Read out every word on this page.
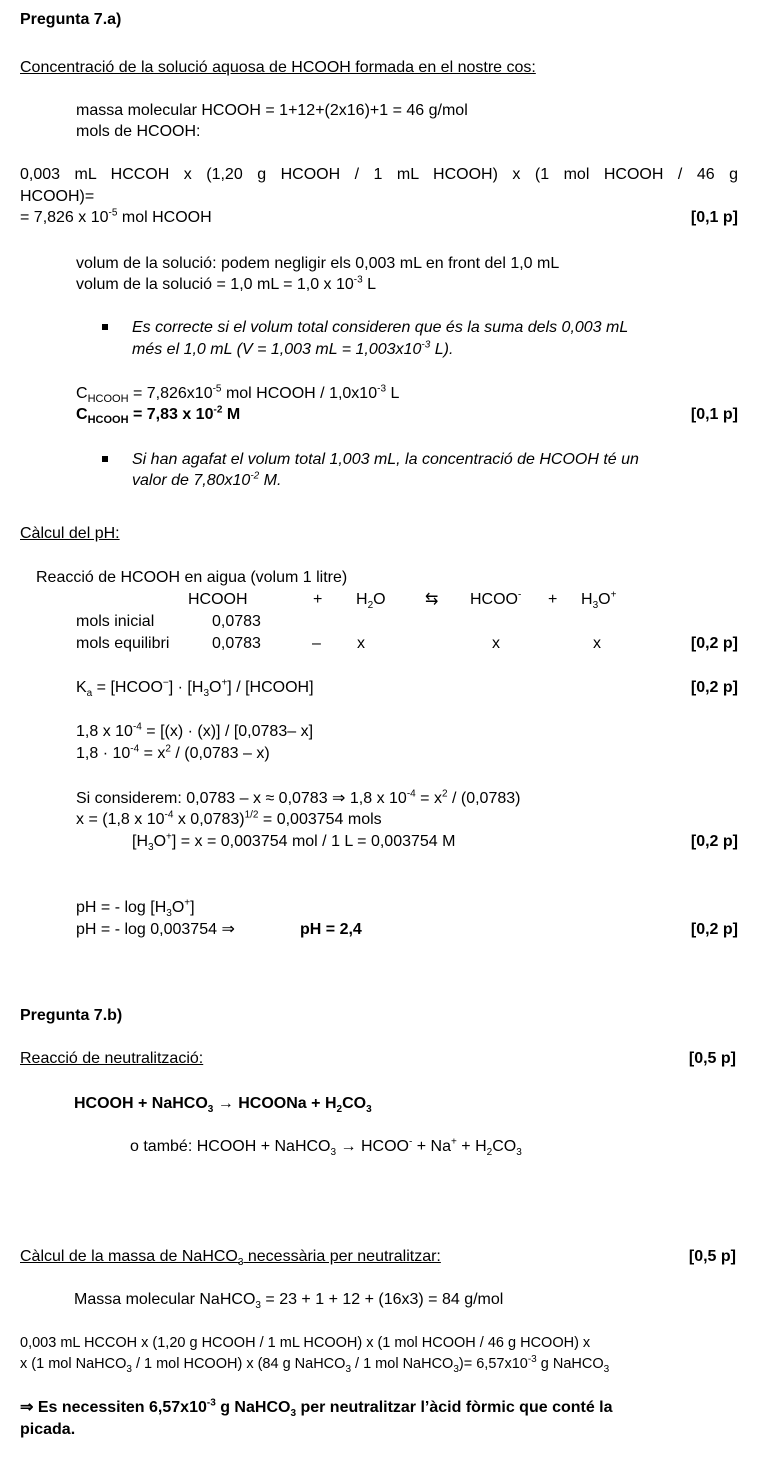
Pregunta 7.a)
Concentració de la solució aquosa de HCOOH formada en el nostre cos:
massa molecular HCOOH = 1+12+(2x16)+1 = 46 g/mol
mols de HCOOH:
0,003 mL HCCOH x (1,20 g HCOOH / 1 mL HCOOH) x (1 mol HCOOH / 46 g
HCOOH)=
= 7,826 x $10^{-5}$ mol HCOOH	[0,1 p]
volum de la solució: podem negligir els 0,003 mL en front del 1,0 mL
volum de la solució = 1,0 mL = 1,0 x $10^{-3}$ L
Es correcte si el volum total consideren que és la suma dels 0,003 mL
més el 1,0 mL (V = 1,003 mL = $1,003x10^{-3}$ L).
$C_{HCOOH} = 7,826x10^{-5}$ mol HCOOH / $1,0x10^{-3}$ L
$C_{HCOOH} = 7,83$ x $10^{-2}$ M	[0,1 p]
Si han agafat el volum total 1,003 mL, la concentració de HCOOH té un
valor de $7,80x10^{-2}$ M.
Càlcul del pH:
Reacció de HCOOH en aigua (volum 1 litre)
HCOOH	+ $H_2O$ ⇆ HCOO- + $H_3O^+$
mols inicial	0,0783
mols equilibri	0,0783	– x	x	x	[0,2 p]
$K_a$ = [HCOO−] · $[H_3O^+]$ / [HCOOH]	[0,2 p]
1,8 x $10^{-4} = [(x) \cdot (x)] / [0,0783-$ x]
$1,8 \cdot 10^{-4} = x^2 / (0,0783 - x)$
Si considerem: 0,0783 – x ≈ 0,0783 ⇒ 1,8 x $10^{-4} = x^2 / (0,0783)$
x = (1,8 x $10^{-4}$ x 0,0783)$^{1/2}$ = 0,003754 mols
$[H_3O^+] = x = 0,003754$ mol / 1 L = 0,003754 M	[0,2 p]
pH = - $\log [H_3O^+]$
pH = - log 0,003754 ⇒	pH = 2,4	[0,2 p]
Pregunta 7.b)
Reacció de neutralització:	[0,5 p]
HCOOH + NaHCO$_3$ → HCOONa + $H_2CO_3$
o també: HCOOH + NaHCO$_3$ → HCOO- + $Na^+ + H_2CO_3$
Càlcul de la massa de NaHCO$_3$ necessària per neutralitzar:	[0,5 p]
Massa molecular NaHCO$_3$ = 23 + 1 + 12 + (16x3) = 84 g/mol
0,003 mL HCCOH x (1,20 g HCOOH / 1 mL HCOOH) x (1 mol HCOOH / 46 g HCOOH) x
x (1 mol NaHCO$_3$ / 1 mol HCOOH) x (84 g NaHCO$_3$ / 1 mol NaHCO$_3$)= $6,57x10^{-3}$ g NaHCO$_3$
⇒ Es necessiten $6,57x10^{-3}$ g NaHCO$_3$ per neutralitzar l’àcid fòrmic que conté la
picada.
